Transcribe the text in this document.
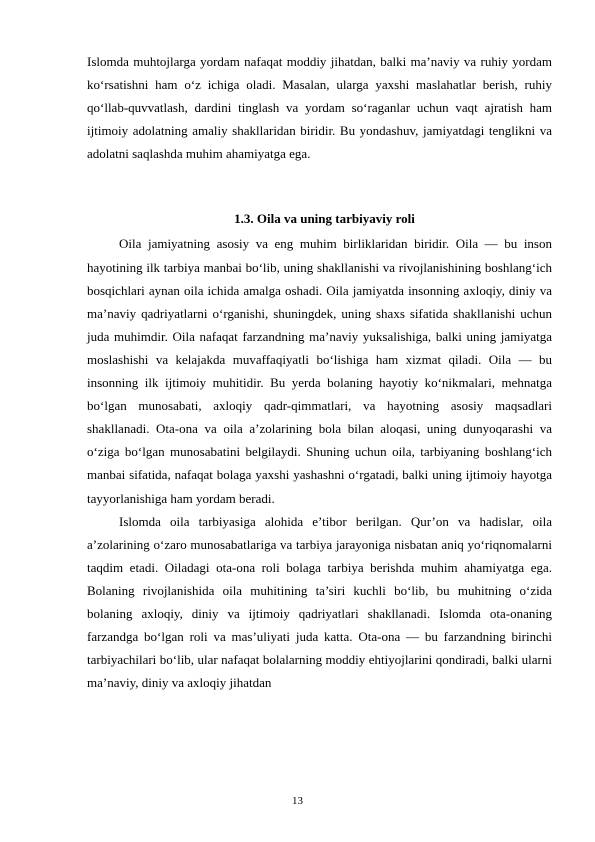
Islomda muhtojlarga yordam nafaqat moddiy jihatdan, balki ma’naviy va ruhiy yordam ko‘rsatishni ham o‘z ichiga oladi. Masalan, ularga yaxshi maslahatlar berish, ruhiy qo‘llab-quvvatlash, dardini tinglash va yordam so‘raganlar uchun vaqt ajratish ham ijtimoiy adolatning amaliy shakllaridan biridir. Bu yondashuv, jamiyatdagi tenglikni va adolatni saqlashda muhim ahamiyatga ega.

1.3. Oila va uning tarbiyaviy roli

Oila jamiyatning asosiy va eng muhim birliklaridan biridir. Oila — bu inson hayotining ilk tarbiya manbai bo‘lib, uning shakllanishi va rivojlanishining boshlang‘ich bosqichlari aynan oila ichida amalga oshadi. Oila jamiyatda insonning axloqiy, diniy va ma’naviy qadriyatlarni o‘rganishi, shuningdek, uning shaxs sifatida shakllanishi uchun juda muhimdir. Oila nafaqat farzandning ma’naviy yuksalishiga, balki uning jamiyatga moslashishi va kelajakda muvaffaqiyatli bo‘lishiga ham xizmat qiladi. Oila — bu insonning ilk ijtimoiy muhitidir. Bu yerda bolaning hayotiy ko‘nikmalari, mehnatga bo‘lgan munosabati, axloqiy qadr-qimmatlari, va hayotning asosiy maqsadlari shakllanadi. Ota-ona va oila a’zolarining bola bilan aloqasi, uning dunyoqarashi va o‘ziga bo‘lgan munosabatini belgilaydi. Shuning uchun oila, tarbiyaning boshlang‘ich manbai sifatida, nafaqat bolaga yaxshi yashashni o‘rgatadi, balki uning ijtimoiy hayotga tayyorlanishiga ham yordam beradi.

Islomda oila tarbiyasiga alohida e’tibor berilgan. Qur’on va hadislar, oila a’zolarining o‘zaro munosabatlariga va tarbiya jarayoniga nisbatan aniq yo‘riqnomalarni taqdim etadi. Oiladagi ota-ona roli bolaga tarbiya berishda muhim ahamiyatga ega. Bolaning rivojlanishida oila muhitining ta’siri kuchli bo‘lib, bu muhitning o‘zida bolaning axloqiy, diniy va ijtimoiy qadriyatlari shakllanadi. Islomda ota-onaning farzandga bo‘lgan roli va mas’uliyati juda katta. Ota-ona — bu farzandning birinchi tarbiyachilari bo‘lib, ular nafaqat bolalarning moddiy ehtiyojlarini qondiradi, balki ularni ma’naviy, diniy va axloqiy jihatdan

13
